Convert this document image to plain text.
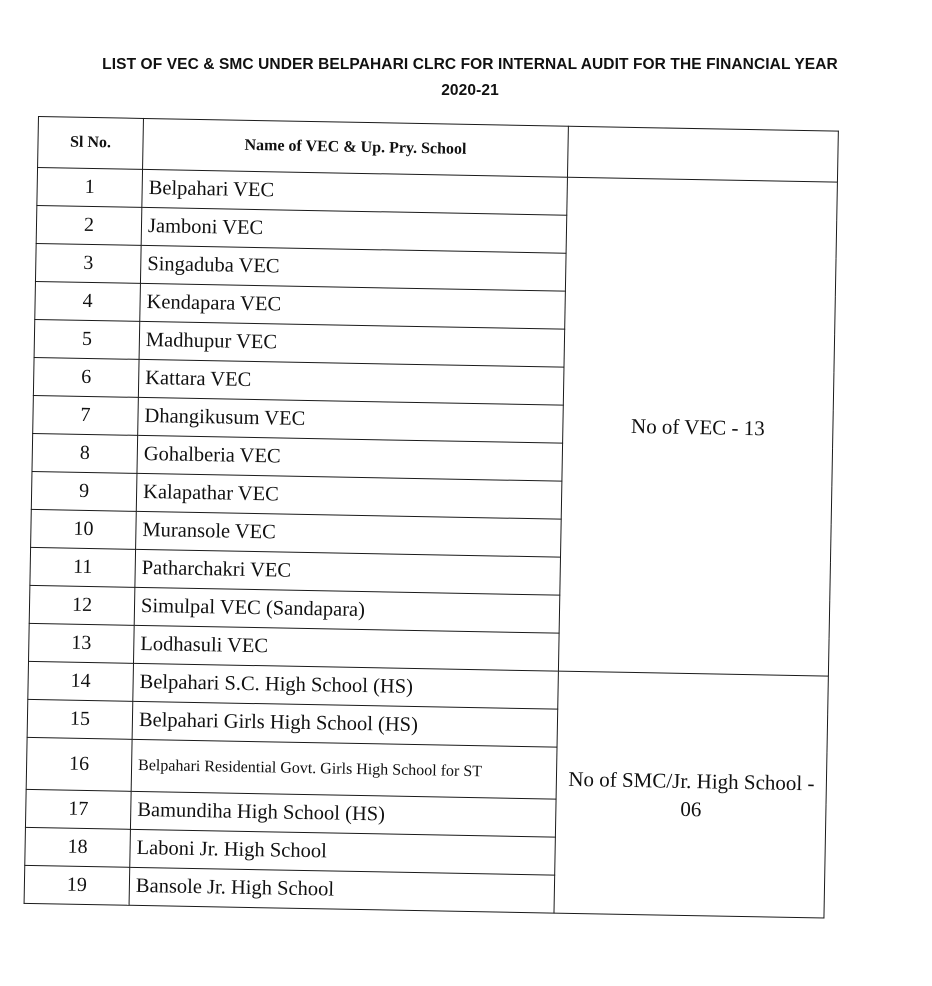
LIST OF VEC & SMC UNDER BELPAHARI CLRC FOR INTERNAL AUDIT FOR THE FINANCIAL YEAR
2020-21
Sl No.	Name of VEC & Up. Pry. School	
1	Belpahari VEC	No of VEC - 13
2	Jamboni VEC	
3	Singaduba VEC	
4	Kendapara VEC	
5	Madhupur VEC	
6	Kattara VEC	
7	Dhangikusum VEC	
8	Gohalberia VEC	
9	Kalapathar VEC	
10	Muransole VEC	
11	Patharchakri VEC	
12	Simulpal VEC (Sandapara)	
13	Lodhasuli VEC	
14	Belpahari S.C. High School (HS)	No of SMC/Jr. High School - 06
15	Belpahari Girls High School (HS)	
16	Belpahari Residential Govt. Girls High School for ST	
17	Bamundiha High School (HS)	
18	Laboni Jr. High School	
19	Bansole Jr. High School	
